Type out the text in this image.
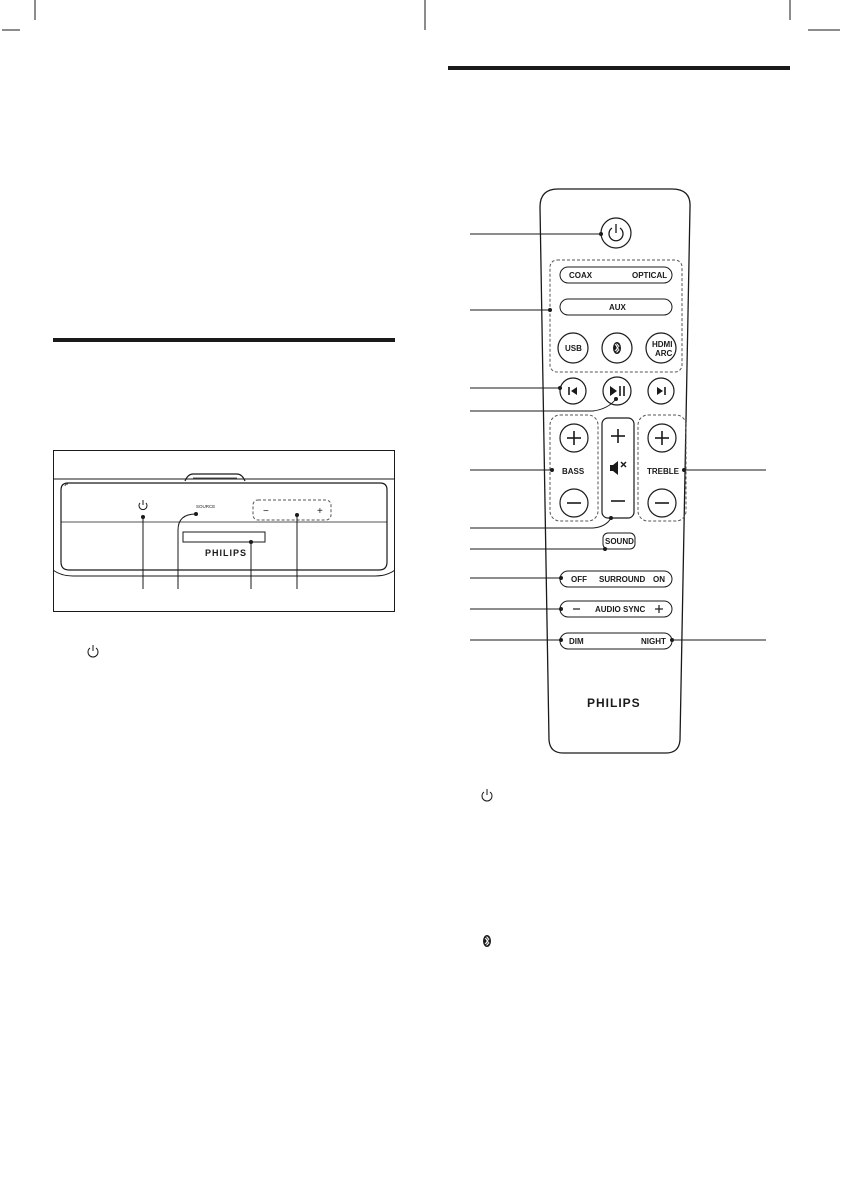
SOURCE	−	+
PHILIPS
COAX	OPTICAL
AUX
USB	HDMI
ARC
BASS	TREBLE
SOUND
OFF SURROUND ON
AUDIO SYNC
DIM	NIGHT
PHILIPS
